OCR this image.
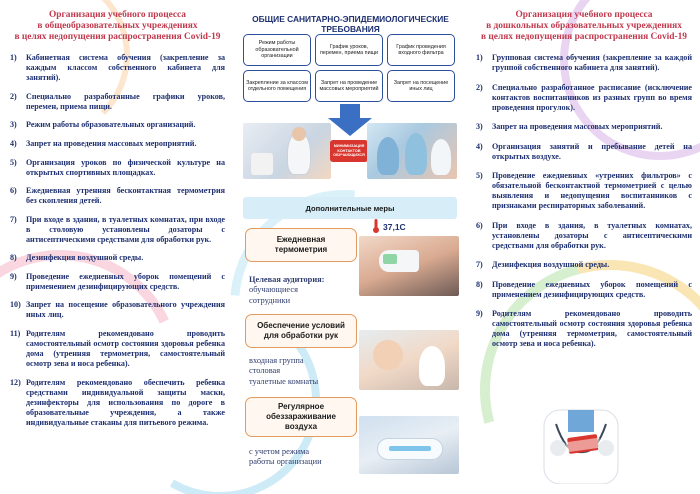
Организация учебного процесса
в общеобразовательных учреждениях
в целях недопущения распространения Covid-19
1)	Кабинетная система обучения (закрепление за каждым классом собственного кабинета для занятий).
2)	Специально разработанные графики уроков, перемен, приема пищи.
3)	Режим работы образовательных организаций.
4)	Запрет на проведения массовых мероприятий.
5)	Организация уроков по физической культуре на открытых спортивных площадках.
6)	Ежедневная утренняя бесконтактная термометрия без скопления детей.
7)	При входе в здания, в туалетных комнатах, при входе в столовую установлены дозаторы с антисептическими средствами для обработки рук.
8)	Дезинфекция воздушной среды.
9)	Проведение ежедневных уборок помещений с применением дезинфицирующих средств.
10) Запрет на посещение образовательного учреждения иных лиц.
11) Родителям рекомендовано проводить самостоятельный осмотр состояния здоровья ребенка дома (утренняя термометрия, самостоятельный осмотр зева и носа ребенка).
12) Родителям рекомендовано обеспечить ребенка средствами индивидуальной защиты маски, дезинфекторы для использования по дороге в образовательные учреждения, а также индивидуальные стаканы для питьевого режима.
ОБЩИЕ САНИТАРНО-ЭПИДЕМИОЛОГИЧЕСКИЕ ТРЕБОВАНИЯ
Режим работы образовательной организации
График уроков, перемен, приема пищи
График проведения входного фильтра
Закрепление за классом отдельного помещения
Запрет на проведение массовых мероприятий
Запрет на посещение иных лиц
МИНИМИЗАЦИЯ КОНТАКТОВ ОБУЧАЮЩИХСЯ
Дополнительные меры
37,1С
Ежедневная
термометрия
Целевая аудитория:
обучающиеся
сотрудники
Обеспечение условий
для обработки рук
входная группа
столовая
туалетные комнаты
Регулярное
обеззараживание
воздуха
с учетом режима
работы организации
Организация учебного процесса
в дошкольных образовательных учреждениях
в целях недопущения распространения Covid-19
1)	Групповая система обучения (закрепление за каждой группой собственного кабинета для занятий).
2)	Специально разработанное расписание (исключение контактов воспитанников из разных групп во время проведения прогулок).
3)	Запрет на проведения массовых мероприятий.
4)	Организация занятий и пребывание детей на открытых воздухе.
5)	Проведение ежедневных «утренних фильтров» с обязательной бесконтактной термометрией с целью выявления и недопущения воспитанников с признаками респираторных заболеваний.
6)	При входе в здания, в туалетных комнатах, установлены дозаторы с антисептическими средствами для обработки рук.
7)	Дезинфекция воздушной среды.
8)	Проведение ежедневных уборок помещений с применением дезинфицирующих средств.
9)	Родителям рекомендовано проводить самостоятельный осмотр состояния здоровья ребенка дома (утренняя термометрия, самостоятельный осмотр зева и носа ребенка).
